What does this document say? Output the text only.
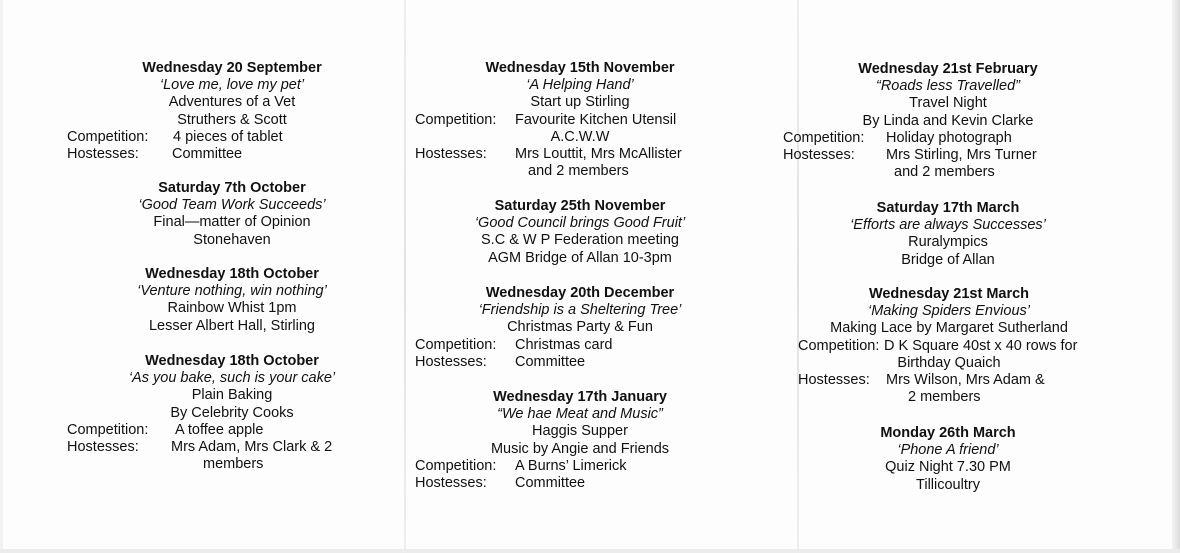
Wednesday 20 September
‘Love me, love my pet’
Adventures of a Vet
Struthers & Scott
Competition:	4 pieces of tablet
Hostesses:	Committee
Saturday 7th October
‘Good Team Work Succeeds’
Final—matter of Opinion
Stonehaven
Wednesday 18th October
‘Venture nothing, win nothing’
Rainbow Whist 1pm
Lesser Albert Hall, Stirling
Wednesday 18th October
‘As you bake, such is your cake’
Plain Baking
By Celebrity Cooks
Competition:	A toffee apple
Hostesses:	Mrs Adam, Mrs Clark & 2
members
Wednesday 15th November
‘A Helping Hand’
Start up Stirling
Competition:	Favourite Kitchen Utensil
A.C.W.W
Hostesses:	Mrs Louttit, Mrs McAllister
and 2 members
Saturday 25th November
‘Good Council brings Good Fruit’
S.C & W P Federation meeting
AGM Bridge of Allan 10-3pm
Wednesday 20th December
‘Friendship is a Sheltering Tree’
Christmas Party & Fun
Competition:	Christmas card
Hostesses:	Committee
Wednesday 17th January
“We hae Meat and Music”
Haggis Supper
Music by Angie and Friends
Competition:	A Burns’ Limerick
Hostesses:	Committee
Wednesday 21st February
“Roads less Travelled”
Travel Night
By Linda and Kevin Clarke
Competition:	Holiday photograph
Hostesses:	Mrs Stirling, Mrs Turner
and 2 members
Saturday 17th March
‘Efforts are always Successes’
Ruralympics
Bridge of Allan
Wednesday 21st March
‘Making Spiders Envious’
Making Lace by Margaret Sutherland
Competition: D K Square 40st x 40 rows for
Birthday Quaich
Hostesses:	Mrs Wilson, Mrs Adam &
2 members
Monday 26th March
‘Phone A friend’
Quiz Night 7.30 PM
Tillicoultry
